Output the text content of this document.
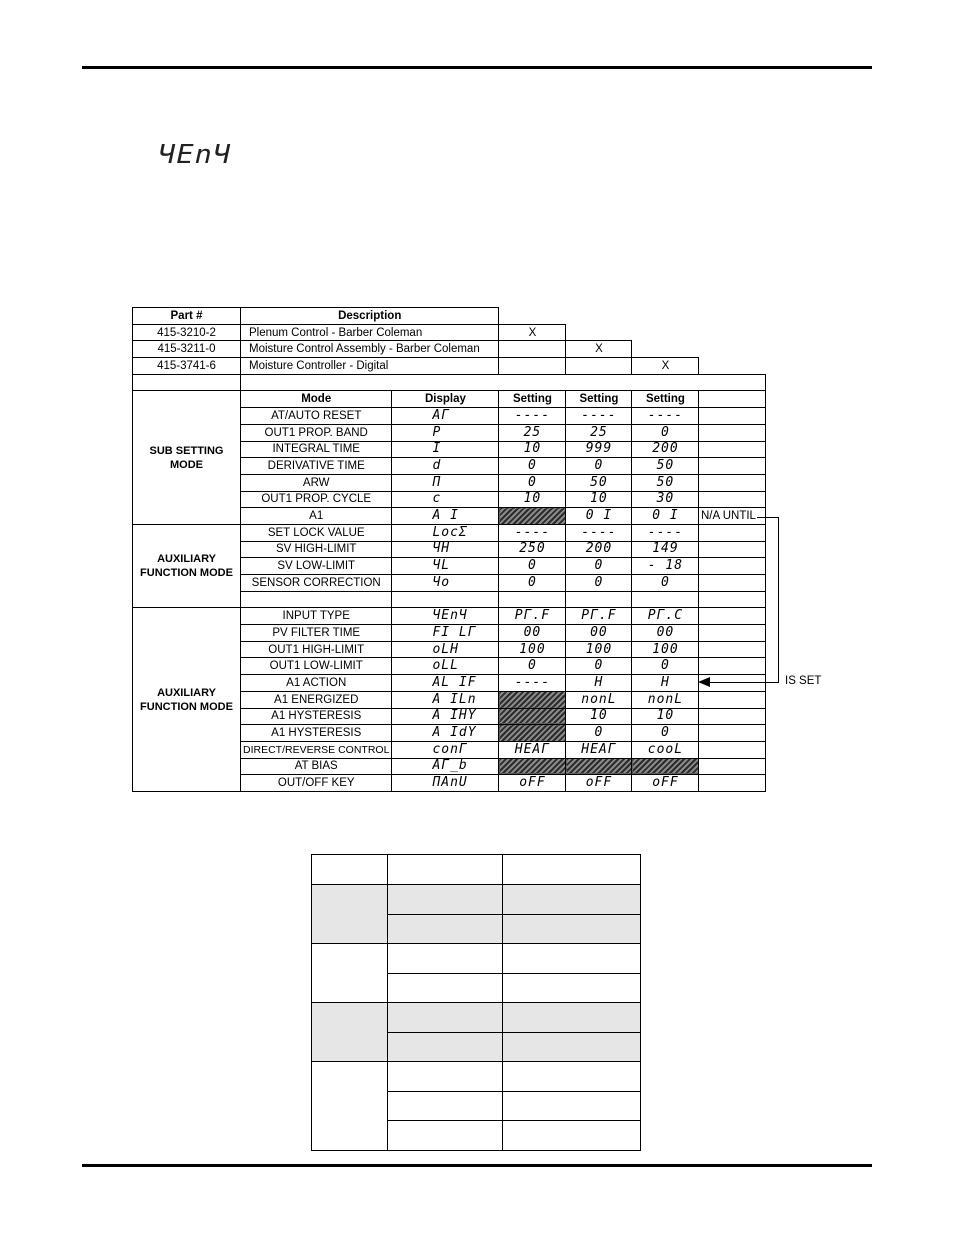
ЧEnЧ
Part #	Description					
415-3210-2	Plenum Control - Barber Coleman		X			
415-3211-0	Moisture Control Assembly - Barber Coleman			X		
415-3741-6	Moisture Controller - Digital				X	

SUB SETTING MODE	Mode	Display	Setting	Setting	Setting	
	AT/AUTO RESET	ΑΓ	----	----	----	
	OUT1 PROP. BAND	P	25	25	0	
	INTEGRAL TIME	I	10	999	200	
	DERIVATIVE TIME	d	0	0	50	
	ARW	Π	0	50	50	
	OUT1 PROP. CYCLE	c	10	10	30	
	A1	A I		0 I	0 I	
AUXILIARY FUNCTION MODE	SET LOCK VALUE	LocΣ	----	----	----	
	SV HIGH-LIMIT	ЧH	250	200	149	
	SV LOW-LIMIT	ЧL	0	0	- 18	
	SENSOR CORRECTION	Чo	0	0	0	

AUXILIARY FUNCTION MODE	INPUT TYPE	ЧEnЧ	ΡΓ.F	ΡΓ.F	ΡΓ.C	
	PV FILTER TIME	FI LΓ	00	00	00	
	OUT1 HIGH-LIMIT	oLH	100	100	100	
	OUT1 LOW-LIMIT	oLL	0	0	0	
	A1 ACTION	AL IF	----	H	H	
	A1 ENERGIZED	A ILn		nonL	nonL	
	A1 HYSTERESIS	A IHY		10	10	
	A1 HYSTERESIS	A IdY		0	0	
	DIRECT/REVERSE CONTROL	conΓ	HEAΓ	HEAΓ	cooL	
	AT BIAS	ΑΓ_b				
	OUT/OFF KEY	ΠAnU	oFF	oFF	oFF	
N/A UNTIL
IS SET
